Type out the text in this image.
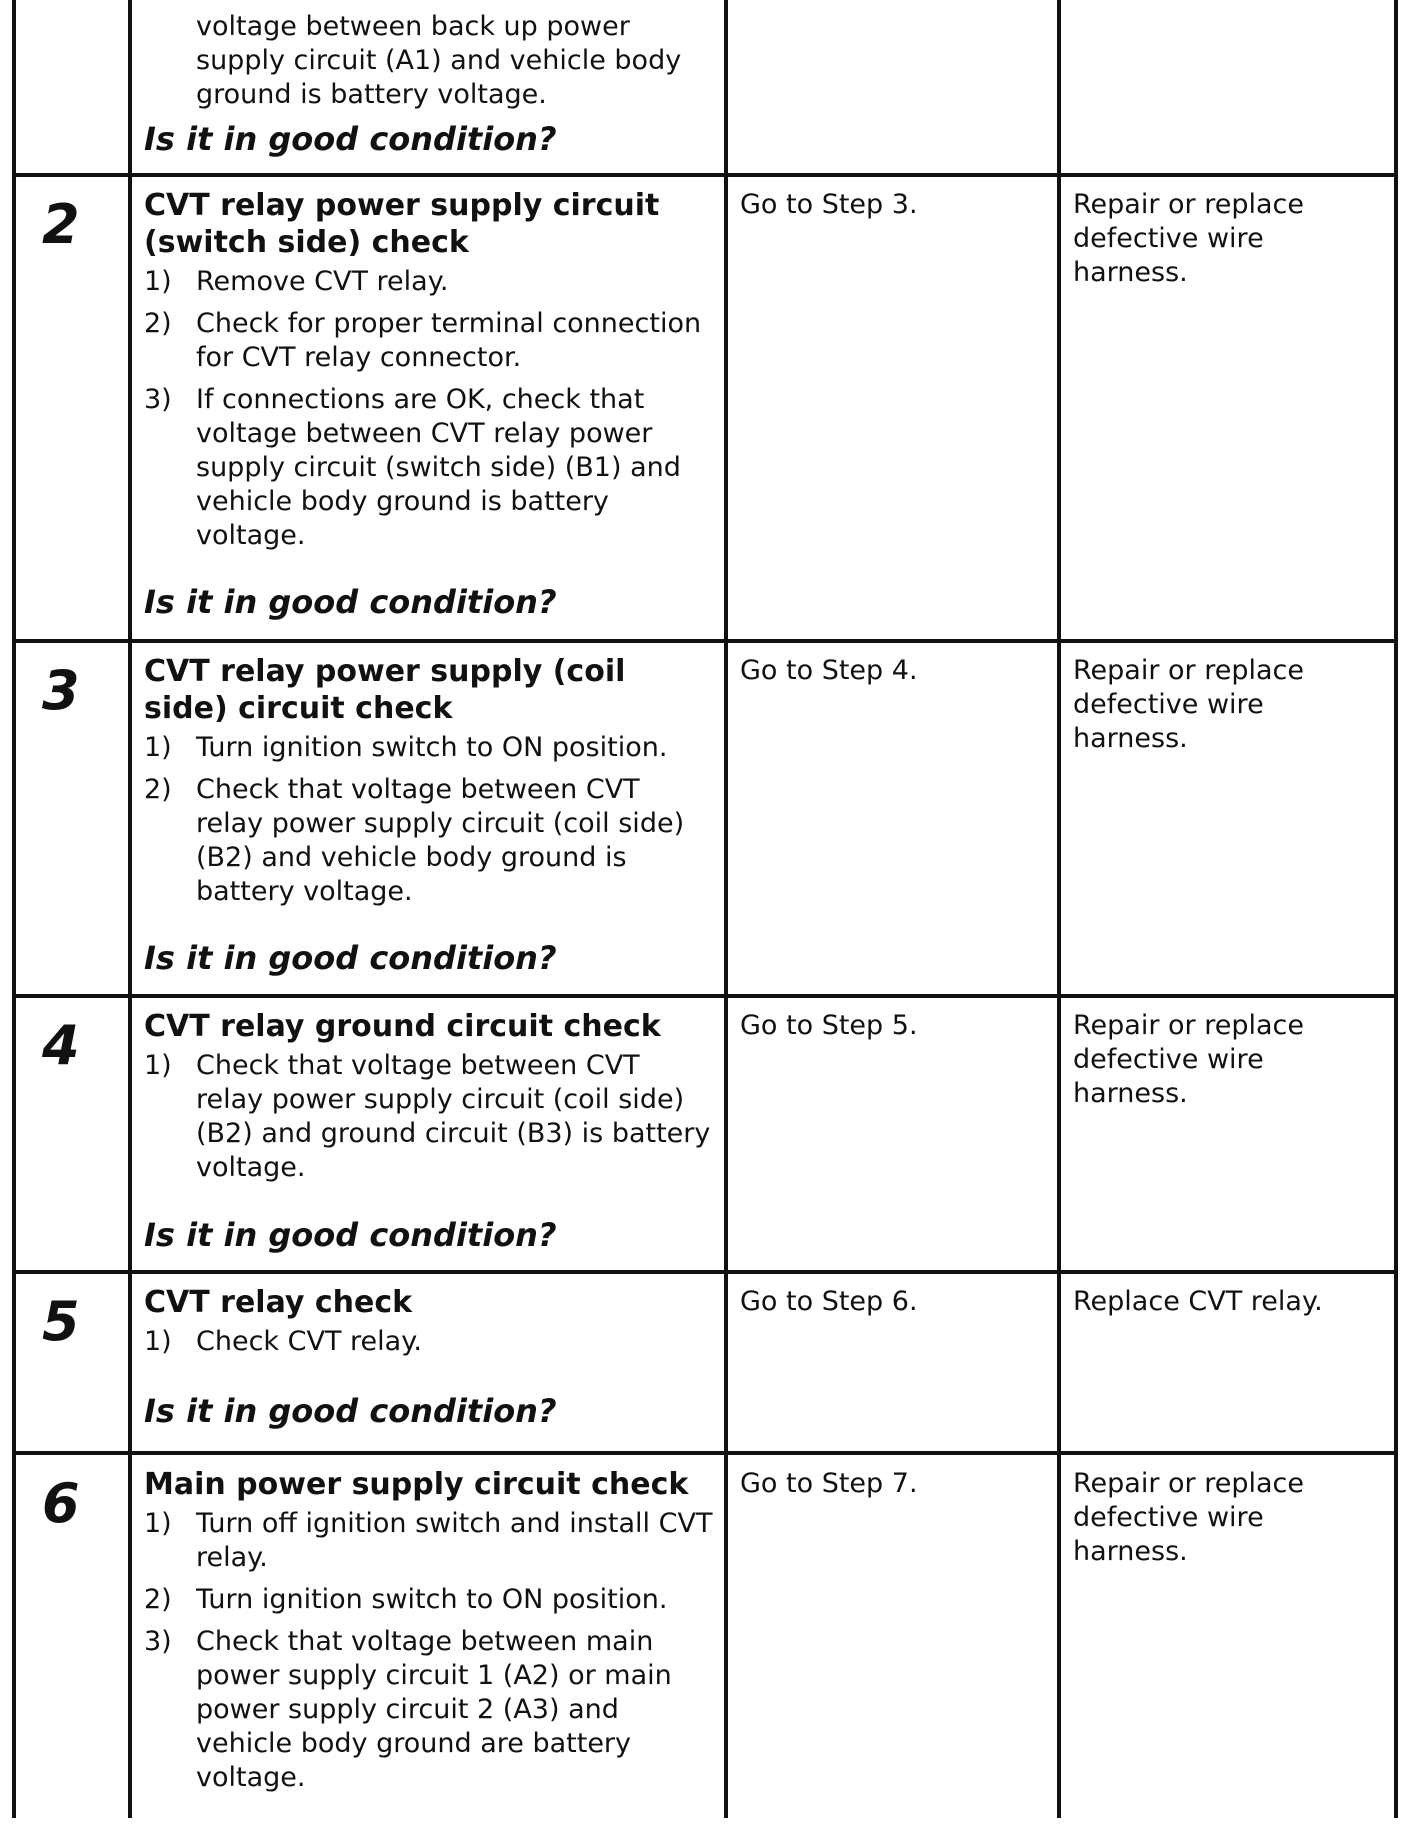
voltage between back up power supply circuit (A1) and vehicle body ground is battery voltage.
Is it in good condition?
2 CVT relay power supply circuit (switch side) check
1) Remove CVT relay.
2) Check for proper terminal connection for CVT relay connector.
3) If connections are OK, check that voltage between CVT relay power supply circuit (switch side) (B1) and vehicle body ground is battery voltage.
Is it in good condition?
Go to Step 3.	Repair or replace defective wire harness.
3 CVT relay power supply (coil side) circuit check
1) Turn ignition switch to ON position.
2) Check that voltage between CVT relay power supply circuit (coil side) (B2) and vehicle body ground is battery voltage.
Is it in good condition?
Go to Step 4.	Repair or replace defective wire harness.
4 CVT relay ground circuit check
1) Check that voltage between CVT relay power supply circuit (coil side) (B2) and ground circuit (B3) is battery voltage.
Is it in good condition?
Go to Step 5.	Repair or replace defective wire harness.
5 CVT relay check
1) Check CVT relay.
Is it in good condition?
Go to Step 6.	Replace CVT relay.
6 Main power supply circuit check
1) Turn off ignition switch and install CVT relay.
2) Turn ignition switch to ON position.
3) Check that voltage between main power supply circuit 1 (A2) or main power supply circuit 2 (A3) and vehicle body ground are battery voltage.
Go to Step 7.	Repair or replace defective wire harness.
